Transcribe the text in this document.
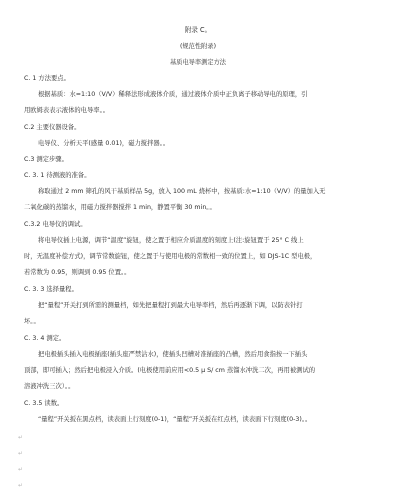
附录 C。
(规范性附录)
基质电导率测定方法
C. 1 方法要点。
根据基质：水=1:10（V/V）稀释法形成液体介质，通过液体介质中正负离子移动导电的原理，引
用欧姆表表示液体的电导率。。
C.2 主要仪器设备。
电导仪、分析天平(感量 0.01)，磁力搅拌器。。
C.3 测定步骤。
C. 3. 1 待测液的准备。
称取通过 2 mm 筛孔的风干基质样品 5g，放入 100 mL 烧杯中，按基质:水=1:10（V/V）的量加入无
二氧化碳的蒸馏水，用磁力搅拌器搅拌 1 min，静置平衡 30 min。。
C.3.2 电导仪的调试。
将电导仪插上电源，调节“温度”旋钮，使之置于相应介质温度的刻度上(注:旋钮置于 25° C 线上
时，无温度补偿方式)，调节常数旋钮，使之置于与使用电极的常数相一致的位置上，如 DJS-1C 型电极，
若常数为 0.95，则调到 0.95 位置。。
C. 3. 3 选择量程。
把“量程”开关打到所需的测量档，如先把量程打到最大电导率档，然后再逐渐下调，以防表针打
坏。。
C. 3. 4 测定。
把电极插头插入电极插座(插头座严禁沾水)，使插头凹槽对准插座的凸槽，然后用食指按一下插头
顶部，即可插入；然后把电极浸入介质。(电极使用前应用<0.5 μ S/ cm 蒸馏水冲洗二次，再用被测试的
溶液冲洗三次）。。
C. 3.5 读数。
“量程”开关扳在黑点档，读表面上行刻度(0-1)，“量程”开关扳在红点档，读表面下行刻度(0-3)。。
↵
↵
↵
↵
